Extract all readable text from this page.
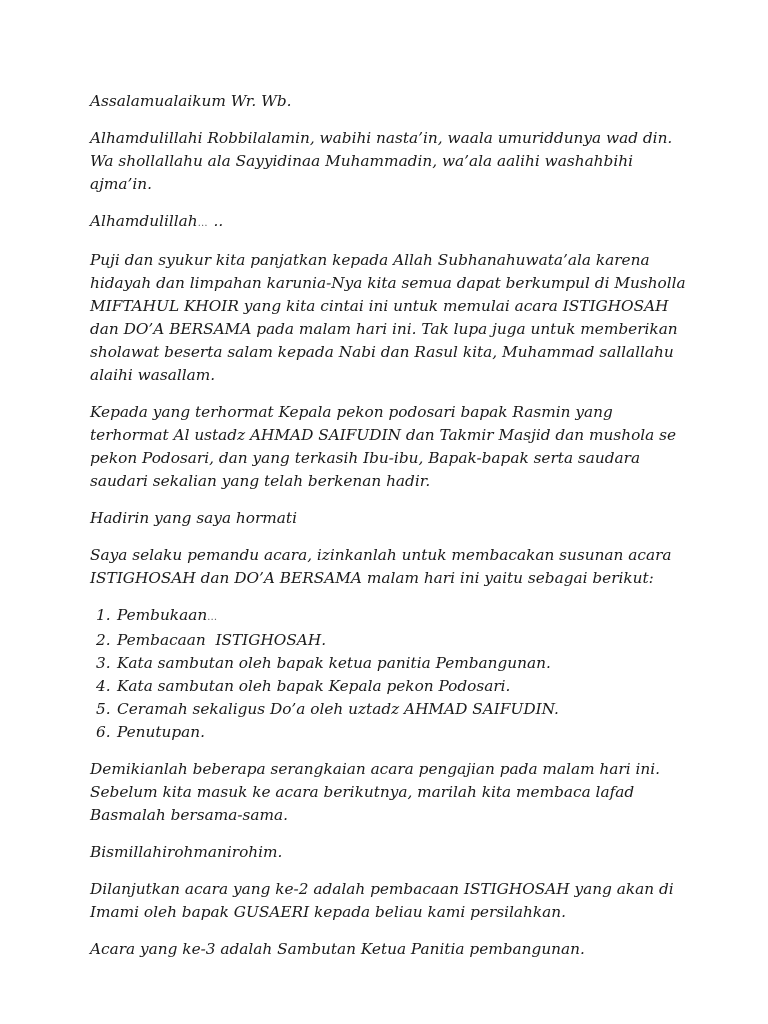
Assalamualaikum Wr. Wb.

Alhamdulillahi Robbilalamin, wabihi nasta’in, waala umuriddunya wad din.
Wa shollallahu ala Sayyidinaa Muhammadin, wa’ala aalihi washahbihi
ajma’in.

Alhamdulillah… ..

Puji dan syukur kita panjatkan kepada Allah Subhanahuwata’ala karena
hidayah dan limpahan karunia-Nya kita semua dapat berkumpul di Musholla
MIFTAHUL KHOIR yang kita cintai ini untuk memulai acara ISTIGHOSAH
dan DO’A BERSAMA pada malam hari ini. Tak lupa juga untuk memberikan
sholawat beserta salam kepada Nabi dan Rasul kita, Muhammad sallallahu
alaihi wasallam.

Kepada yang terhormat Kepala pekon podosari bapak Rasmin yang
terhormat Al ustadz AHMAD SAIFUDIN dan Takmir Masjid dan mushola se
pekon Podosari, dan yang terkasih Ibu-ibu, Bapak-bapak serta saudara
saudari sekalian yang telah berkenan hadir.

Hadirin yang saya hormati

Saya selaku pemandu acara, izinkanlah untuk membacakan susunan acara
ISTIGHOSAH dan DO’A BERSAMA malam hari ini yaitu sebagai berikut:

1. Pembukaan…
2. Pembacaan  ISTIGHOSAH.
3. Kata sambutan oleh bapak ketua panitia Pembangunan.
4. Kata sambutan oleh bapak Kepala pekon Podosari.
5. Ceramah sekaligus Do’a oleh uztadz AHMAD SAIFUDIN.
6. Penutupan.

Demikianlah beberapa serangkaian acara pengajian pada malam hari ini.
Sebelum kita masuk ke acara berikutnya, marilah kita membaca lafad
Basmalah bersama-sama.

Bismillahirohmanirohim.

Dilanjutkan acara yang ke-2 adalah pembacaan ISTIGHOSAH yang akan di
Imami oleh bapak GUSAERI kepada beliau kami persilahkan.

Acara yang ke-3 adalah Sambutan Ketua Panitia pembangunan.
